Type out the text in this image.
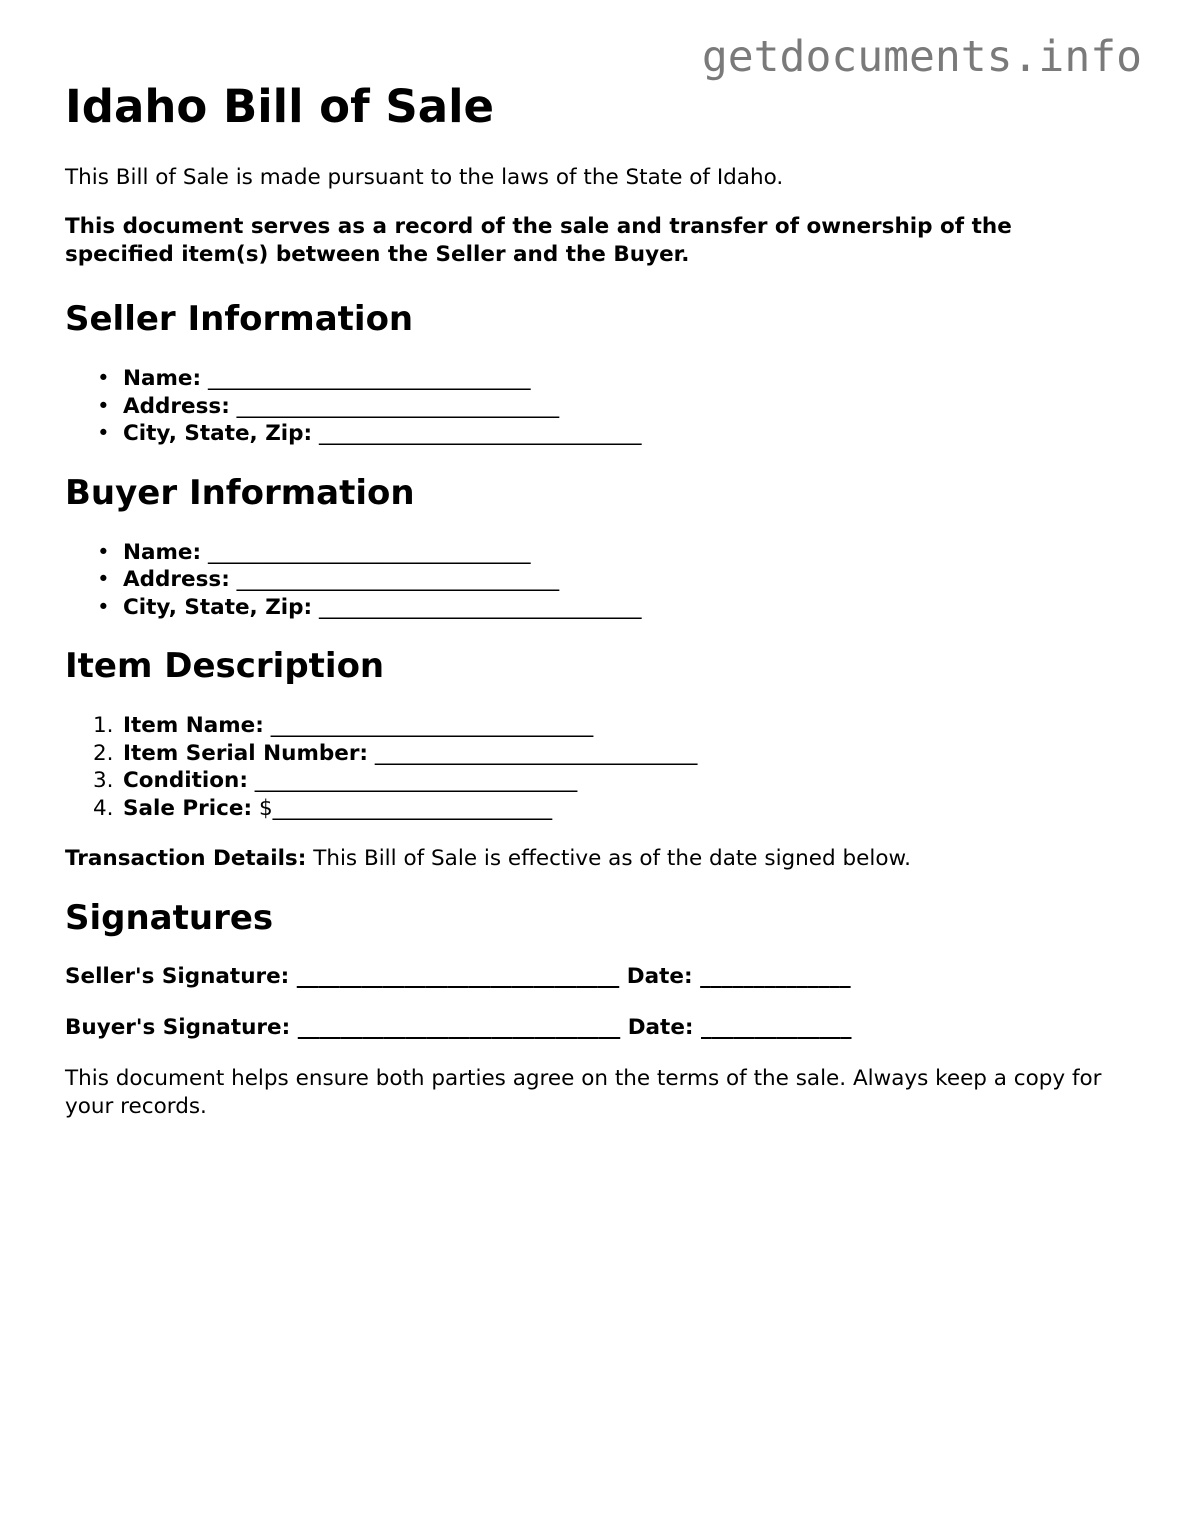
getdocuments.info
Idaho Bill of Sale

This Bill of Sale is made pursuant to the laws of the State of Idaho.

This document serves as a record of the sale and transfer of ownership of the specified item(s) between the Seller and the Buyer.

Seller Information
• Name: ______________________________
• Address: ______________________________
• City, State, Zip: ______________________________
Buyer Information
• Name: ______________________________
• Address: ______________________________
• City, State, Zip: ______________________________
Item Description
1. Item Name: ______________________________
2. Item Serial Number: ______________________________
3. Condition: ______________________________
4. Sale Price: $__________________________

Transaction Details: This Bill of Sale is effective as of the date signed below.

Signatures

Seller's Signature: ______________________________ Date: ______________

Buyer's Signature: ______________________________ Date: ______________

This document helps ensure both parties agree on the terms of the sale. Always keep a copy for your records.
